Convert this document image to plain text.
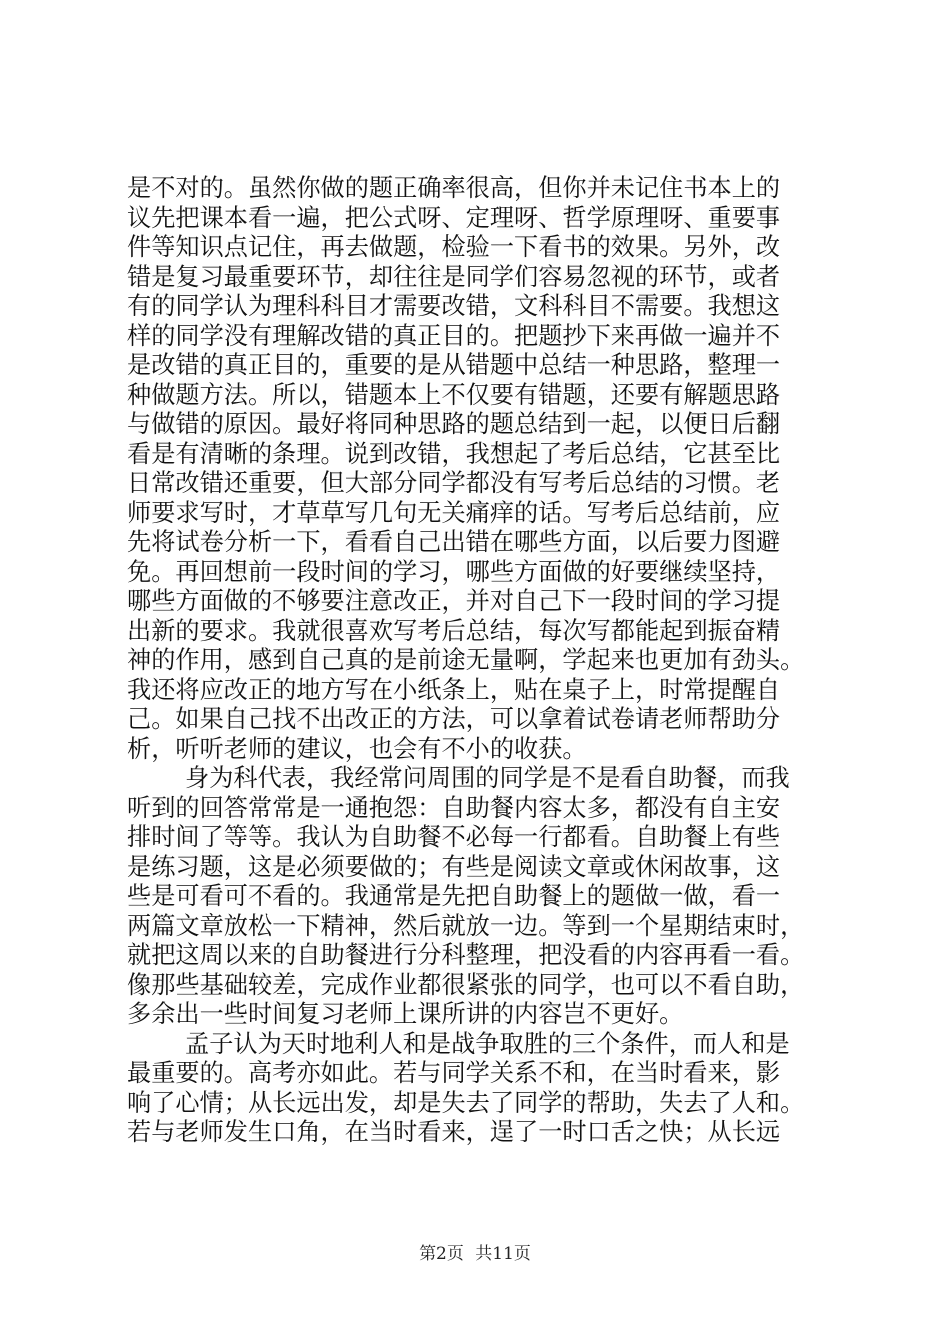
是不对的。虽然你做的题正确率很高，但你并未记住书本上的
议先把课本看一遍，把公式呀、定理呀、哲学原理呀、重要事
件等知识点记住，再去做题，检验一下看书的效果。另外，改
错是复习最重要环节，却往往是同学们容易忽视的环节，或者
有的同学认为理科科目才需要改错，文科科目不需要。我想这
样的同学没有理解改错的真正目的。把题抄下来再做一遍并不
是改错的真正目的，重要的是从错题中总结一种思路，整理一
种做题方法。所以，错题本上不仅要有错题，还要有解题思路
与做错的原因。最好将同种思路的题总结到一起，以便日后翻
看是有清晰的条理。说到改错，我想起了考后总结，它甚至比
日常改错还重要，但大部分同学都没有写考后总结的习惯。老
师要求写时，才草草写几句无关痛痒的话。写考后总结前，应
先将试卷分析一下，看看自己出错在哪些方面，以后要力图避
免。再回想前一段时间的学习，哪些方面做的好要继续坚持，
哪些方面做的不够要注意改正，并对自己下一段时间的学习提
出新的要求。我就很喜欢写考后总结，每次写都能起到振奋精
神的作用，感到自己真的是前途无量啊，学起来也更加有劲头。
我还将应改正的地方写在小纸条上，贴在桌子上，时常提醒自
己。如果自己找不出改正的方法，可以拿着试卷请老师帮助分
析，听听老师的建议，也会有不小的收获。
身为科代表，我经常问周围的同学是不是看自助餐，而我
听到的回答常常是一通抱怨：自助餐内容太多，都没有自主安
排时间了等等。我认为自助餐不必每一行都看。自助餐上有些
是练习题，这是必须要做的；有些是阅读文章或休闲故事，这
些是可看可不看的。我通常是先把自助餐上的题做一做，看一
两篇文章放松一下精神，然后就放一边。等到一个星期结束时，
就把这周以来的自助餐进行分科整理，把没看的内容再看一看。
像那些基础较差，完成作业都很紧张的同学，也可以不看自助，
多余出一些时间复习老师上课所讲的内容岂不更好。
孟子认为天时地利人和是战争取胜的三个条件，而人和是
最重要的。高考亦如此。若与同学关系不和，在当时看来，影
响了心情；从长远出发，却是失去了同学的帮助，失去了人和。
若与老师发生口角，在当时看来，逞了一时口舌之快；从长远
第2页 共11页
